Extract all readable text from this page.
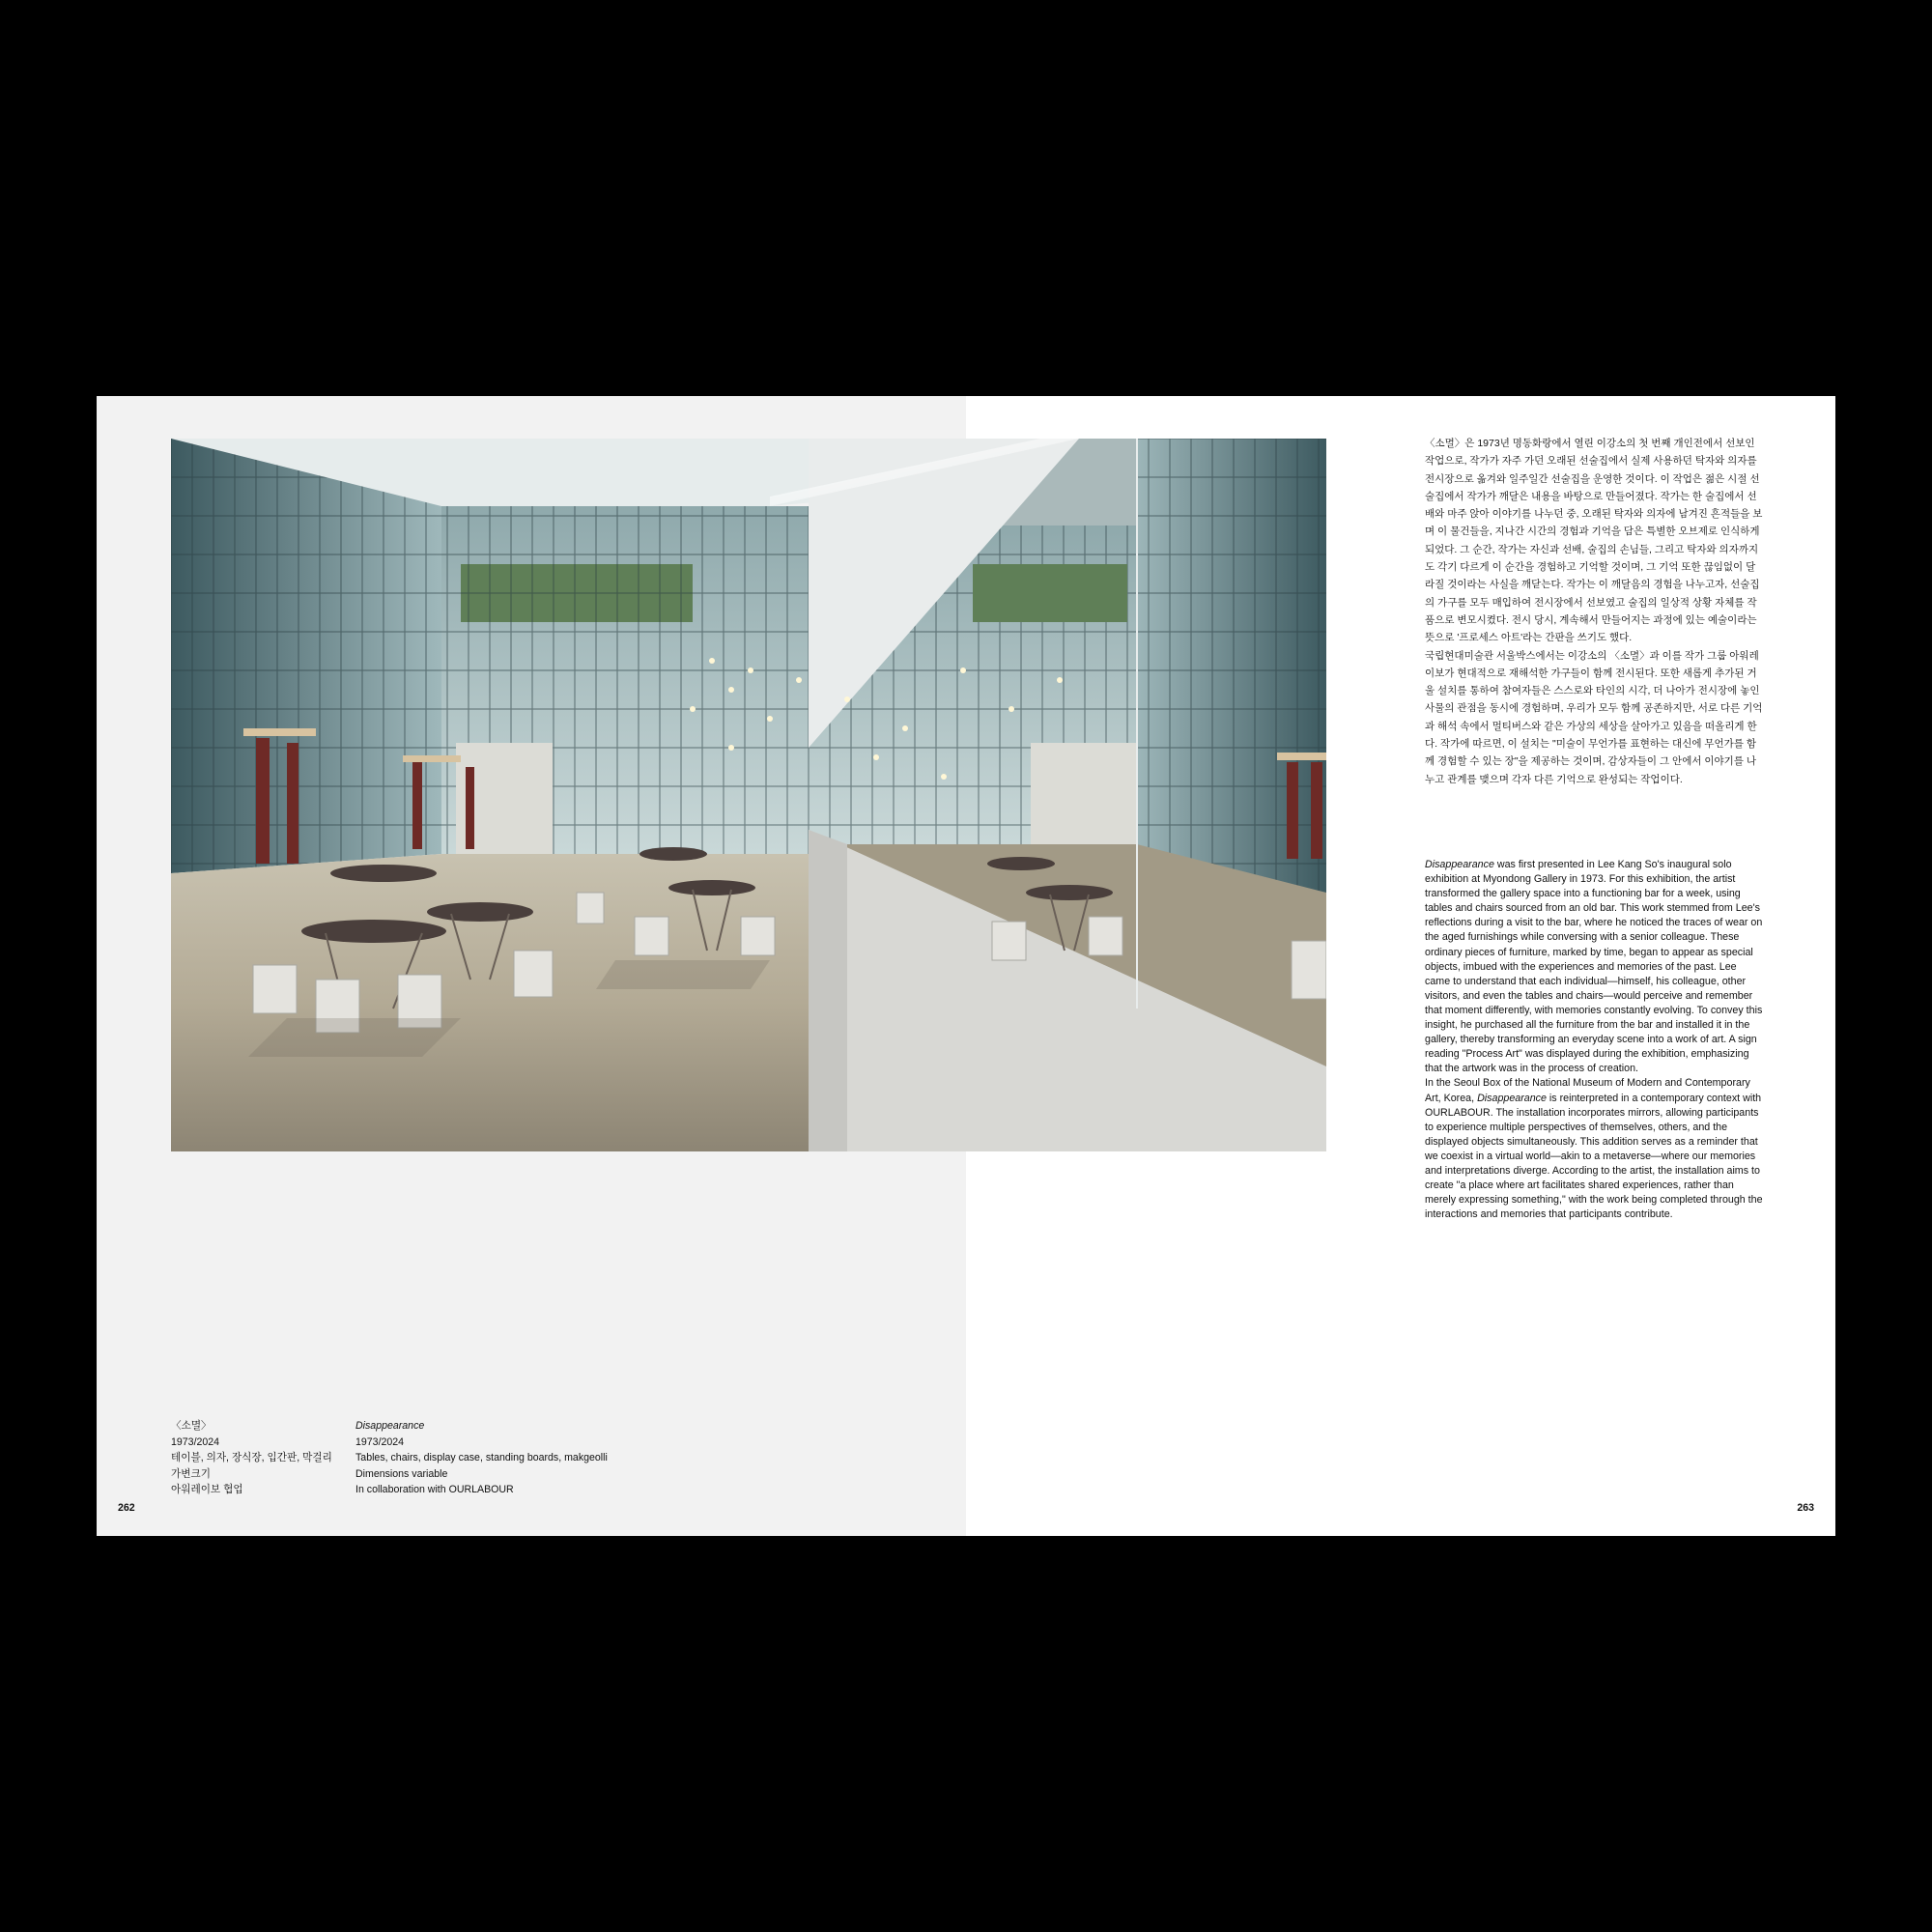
〈소멸〉
1973/2024
테이블, 의자, 장식장, 입간판, 막걸리
가변크기
아워레이보 협업
Disappearance
1973/2024
Tables, chairs, display case, standing boards, makgeolli
Dimensions variable
In collaboration with OURLABOUR
262

〈소멸〉은 1973년 명동화랑에서 열린 이강소의 첫 번째 개인전에서 선보인 작업으로, 작가가 자주 가던 오래된 선술집에서 실제 사용하던 탁자와 의자를 전시장으로 옮겨와 일주일간 선술집을 운영한 것이다. 이 작업은 젊은 시절 선술집에서 작가가 깨달은 내용을 바탕으로 만들어졌다. 작가는 한 술집에서 선배와 마주 앉아 이야기를 나누던 중, 오래된 탁자와 의자에 남겨진 흔적들을 보며 이 물건들을, 지나간 시간의 경험과 기억을 담은 특별한 오브제로 인식하게 되었다. 그 순간, 작가는 자신과 선배, 술집의 손님들, 그리고 탁자와 의자까지도 각기 다르게 이 순간을 경험하고 기억할 것이며, 그 기억 또한 끊임없이 달라질 것이라는 사실을 깨닫는다. 작가는 이 깨달음의 경험을 나누고자, 선술집의 가구를 모두 매입하여 전시장에서 선보였고 술집의 일상적 상황 자체를 작품으로 변모시켰다. 전시 당시, 계속해서 만들어지는 과정에 있는 예술이라는 뜻으로 '프로세스 아트'라는 간판을 쓰기도 했다.

국립현대미술관 서울박스에서는 이강소의 〈소멸〉과 이를 작가 그룹 아워레이보가 현대적으로 재해석한 가구들이 함께 전시된다. 또한 새롭게 추가된 거울 설치를 통하여 참여자들은 스스로와 타인의 시각, 더 나아가 전시장에 놓인 사물의 관점을 동시에 경험하며, 우리가 모두 함께 공존하지만, 서로 다른 기억과 해석 속에서 멀티버스와 같은 가상의 세상을 살아가고 있음을 떠올리게 한다. 작가에 따르면, 이 설치는 "미술이 무언가를 표현하는 대신에 무언가를 함께 경험할 수 있는 장"을 제공하는 것이며, 감상자들이 그 안에서 이야기를 나누고 관계를 맺으며 각자 다른 기억으로 완성되는 작업이다.

Disappearance was first presented in Lee Kang So's inaugural solo exhibition at Myondong Gallery in 1973. For this exhibition, the artist transformed the gallery space into a functioning bar for a week, using tables and chairs sourced from an old bar. This work stemmed from Lee's reflections during a visit to the bar, where he noticed the traces of wear on the aged furnishings while conversing with a senior colleague. These ordinary pieces of furniture, marked by time, began to appear as special objects, imbued with the experiences and memories of the past. Lee came to understand that each individual—himself, his colleague, other visitors, and even the tables and chairs—would perceive and remember that moment differently, with memories constantly evolving. To convey this insight, he purchased all the furniture from the bar and installed it in the gallery, thereby transforming an everyday scene into a work of art. A sign reading "Process Art" was displayed during the exhibition, emphasizing that the artwork was in the process of creation.

In the Seoul Box of the National Museum of Modern and Contemporary Art, Korea, Disappearance is reinterpreted in a contemporary context with OURLABOUR. The installation incorporates mirrors, allowing participants to experience multiple perspectives of themselves, others, and the displayed objects simultaneously. This addition serves as a reminder that we coexist in a virtual world—akin to a metaverse—where our memories and interpretations diverge. According to the artist, the installation aims to create "a place where art facilitates shared experiences, rather than merely expressing something," with the work being completed through the interactions and memories that participants contribute.

263
